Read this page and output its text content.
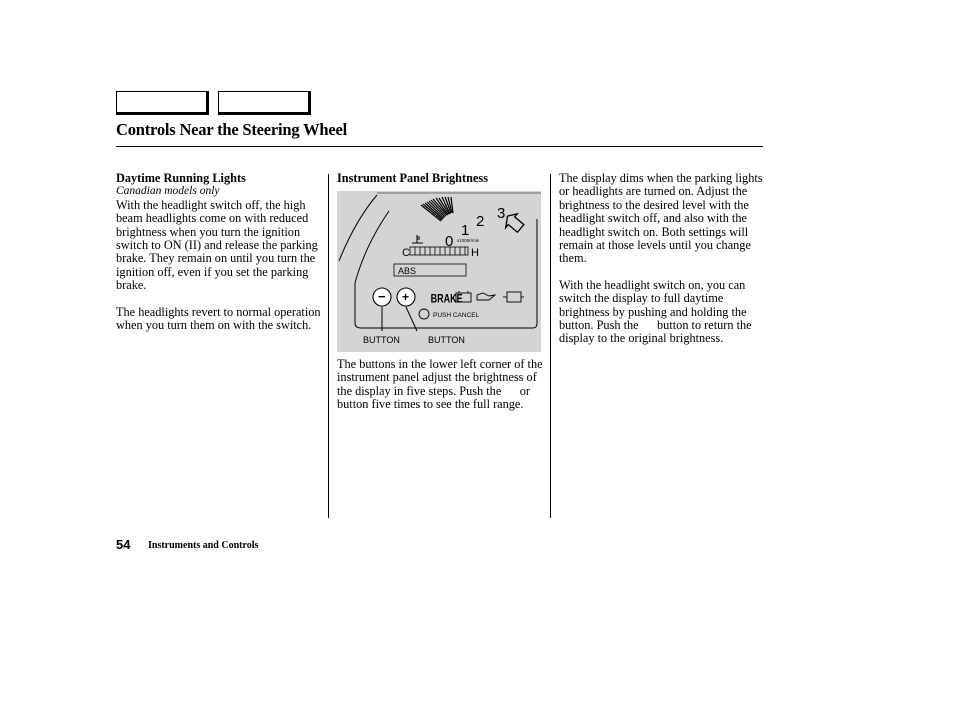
Controls Near the Steering Wheel

Daytime Running Lights

Canadian models only

With the headlight switch off, the high beam headlights come on with reduced brightness when you turn the ignition switch to ON (II) and release the parking brake. They remain on until you turn the ignition off, even if you set the parking brake.

The headlights revert to normal operation when you turn them on with the switch.

Instrument Panel Brightness

0
1
2 3
x1000r/min
C	H
ABS
− + BRAKE
PUSH CANCEL
BUTTON	BUTTON

The buttons in the lower left corner of the instrument panel adjust the brightness of the display in five steps. Push the      or      button five times to see the full range.

The display dims when the parking lights or headlights are turned on. Adjust the brightness to the desired level with the headlight switch off, and also with the headlight switch on. Both settings will remain at those levels until you change them.

With the headlight switch on, you can switch the display to full daytime brightness by pushing and holding the      button. Push the      button to return the display to the original brightness.

54 Instruments and Controls
